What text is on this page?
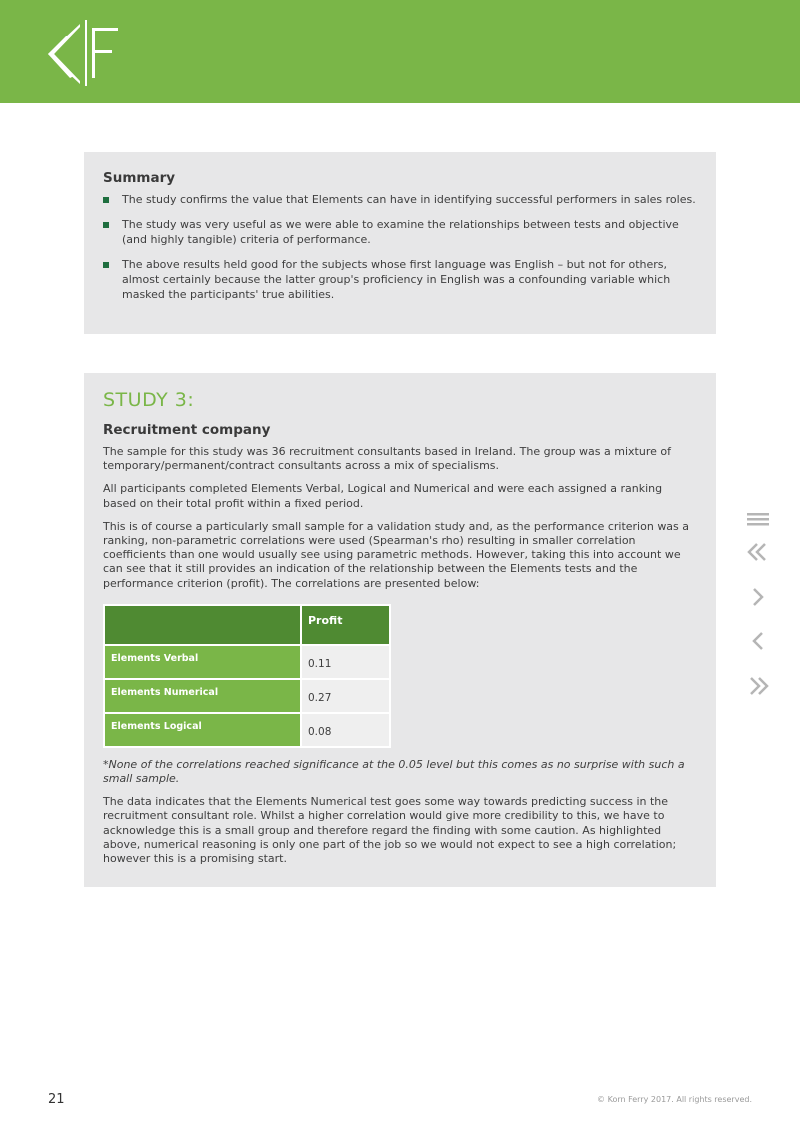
Summary
The study confirms the value that Elements can have in identifying successful performers in sales roles.
The study was very useful as we were able to examine the relationships between tests and objective (and highly tangible) criteria of performance.
The above results held good for the subjects whose first language was English – but not for others, almost certainly because the latter group's proficiency in English was a confounding variable which masked the participants' true abilities.
STUDY 3:
Recruitment company

The sample for this study was 36 recruitment consultants based in Ireland. The group was a mixture of temporary/permanent/contract consultants across a mix of specialisms.

All participants completed Elements Verbal, Logical and Numerical and were each assigned a ranking based on their total profit within a fixed period.

This is of course a particularly small sample for a validation study and, as the performance criterion was a ranking, non-parametric correlations were used (Spearman's rho) resulting in smaller correlation coefficients than one would usually see using parametric methods. However, taking this into account we can see that it still provides an indication of the relationship between the Elements tests and the performance criterion (profit). The correlations are presented below:

	Profit
Elements Verbal	0.11
Elements Numerical	0.27
Elements Logical	0.08

*None of the correlations reached significance at the 0.05 level but this comes as no surprise with such a small sample.

The data indicates that the Elements Numerical test goes some way towards predicting success in the recruitment consultant role. Whilst a higher correlation would give more credibility to this, we have to acknowledge this is a small group and therefore regard the finding with some caution. As highlighted above, numerical reasoning is only one part of the job so we would not expect to see a high correlation; however this is a promising start.

21	© Korn Ferry 2017. All rights reserved.
